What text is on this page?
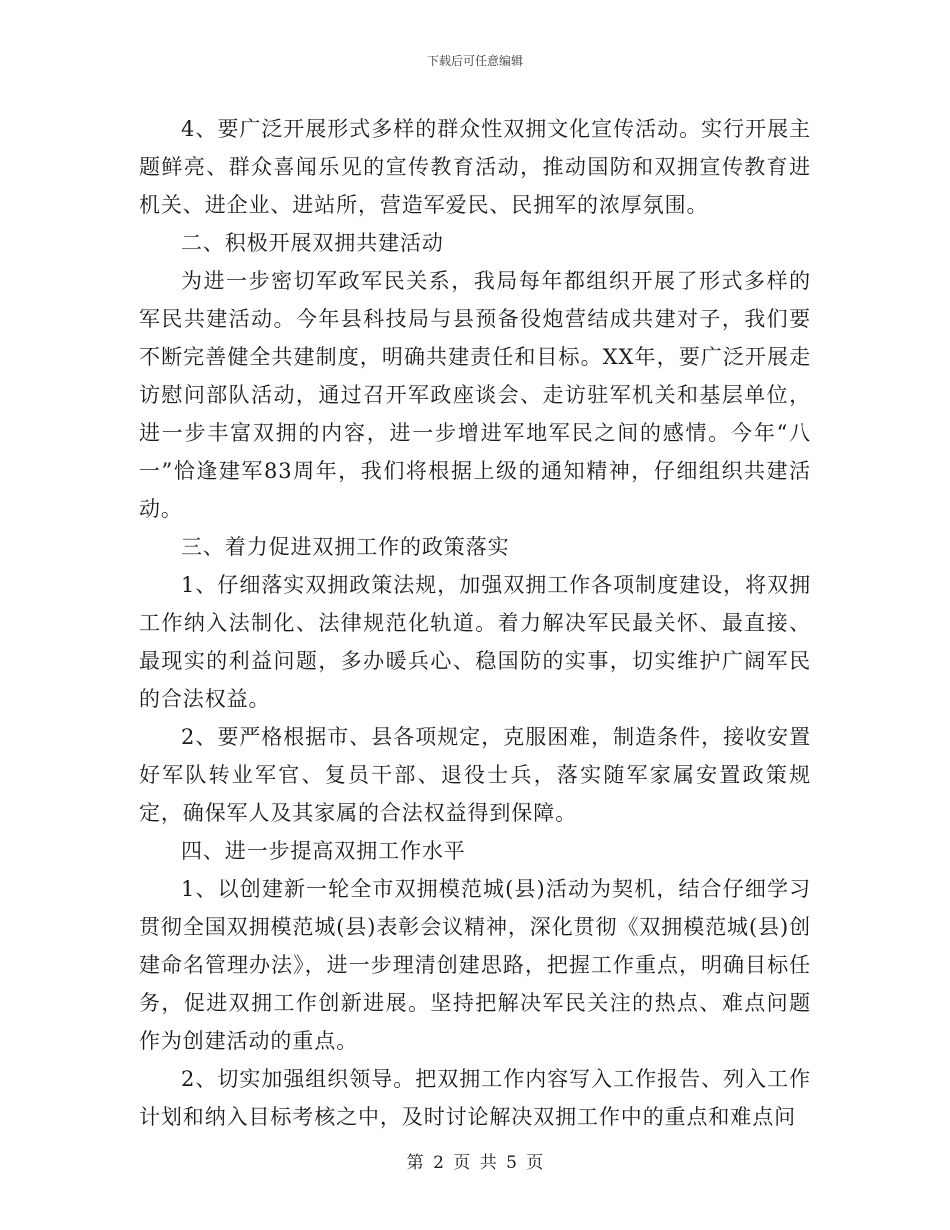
下载后可任意编辑

4、要广泛开展形式多样的群众性双拥文化宣传活动。实行开展主题鲜亮、群众喜闻乐见的宣传教育活动，推动国防和双拥宣传教育进机关、进企业、进站所，营造军爱民、民拥军的浓厚氛围。

二、积极开展双拥共建活动

为进一步密切军政军民关系，我局每年都组织开展了形式多样的军民共建活动。今年县科技局与县预备役炮营结成共建对子，我们要不断完善健全共建制度，明确共建责任和目标。XX年，要广泛开展走访慰问部队活动，通过召开军政座谈会、走访驻军机关和基层单位，进一步丰富双拥的内容，进一步增进军地军民之间的感情。今年“八一”恰逢建军83周年，我们将根据上级的通知精神，仔细组织共建活动。

三、着力促进双拥工作的政策落实

1、仔细落实双拥政策法规，加强双拥工作各项制度建设，将双拥工作纳入法制化、法律规范化轨道。着力解决军民最关怀、最直接、最现实的利益问题，多办暖兵心、稳国防的实事，切实维护广阔军民的合法权益。

2、要严格根据市、县各项规定，克服困难，制造条件，接收安置好军队转业军官、复员干部、退役士兵，落实随军家属安置政策规定，确保军人及其家属的合法权益得到保障。

四、进一步提高双拥工作水平

1、以创建新一轮全市双拥模范城(县)活动为契机，结合仔细学习贯彻全国双拥模范城(县)表彰会议精神，深化贯彻《双拥模范城(县)创建命名管理办法》，进一步理清创建思路，把握工作重点，明确目标任务，促进双拥工作创新进展。坚持把解决军民关注的热点、难点问题作为创建活动的重点。

2、切实加强组织领导。把双拥工作内容写入工作报告、列入工作计划和纳入目标考核之中，及时讨论解决双拥工作中的重点和难点问

第 2 页 共 5 页
